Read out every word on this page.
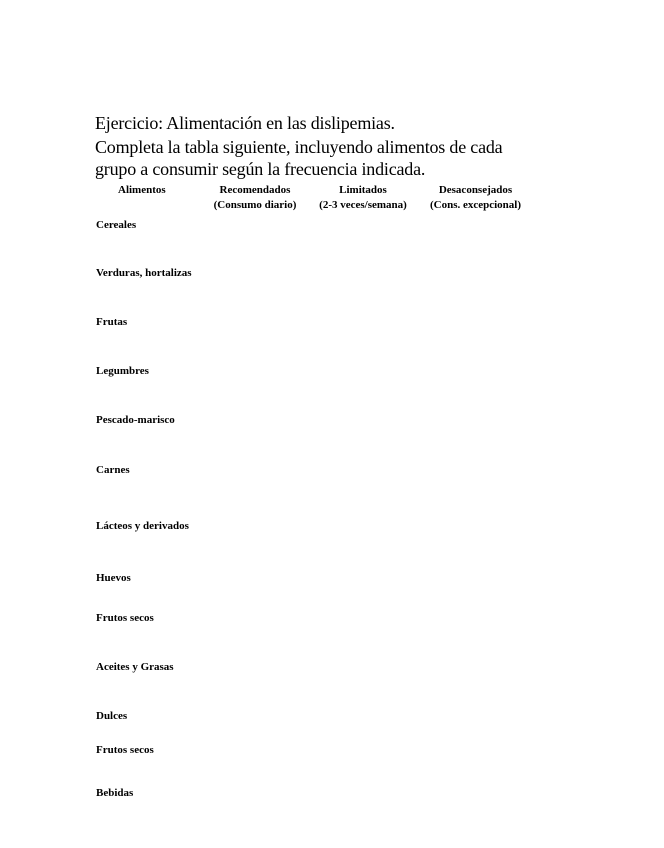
Ejercicio: Alimentación en las dislipemias.
Completa la tabla siguiente, incluyendo alimentos de cada
grupo a consumir según la frecuencia indicada.
Alimentos	Recomendados
(Consumo diario)
Limitados
(2-3 veces/semana)
Desaconsejados
(Cons. excepcional)
Cereales
Verduras, hortalizas
Frutas
Legumbres
Pescado-marisco
Carnes
Lácteos y derivados
Huevos
Frutos secos
Aceites y Grasas
Dulces
Frutos secos
Bebidas
